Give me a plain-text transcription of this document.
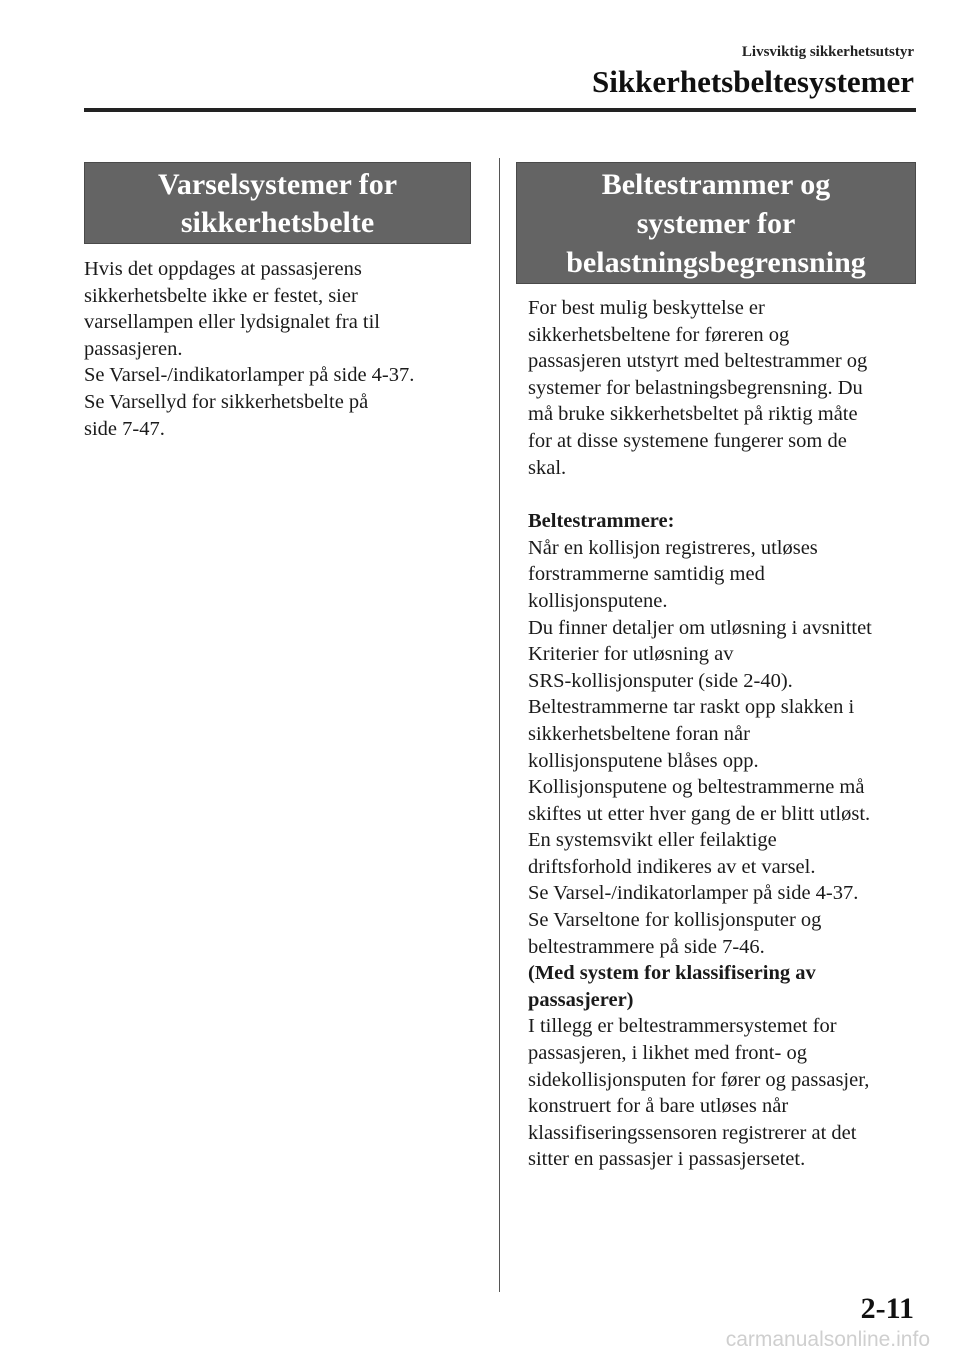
Livsviktig sikkerhetsutstyr
Sikkerhetsbeltesystemer
Varselsystemer for
sikkerhetsbelte

Hvis det oppdages at passasjerens

sikkerhetsbelte ikke er festet, sier

varsellampen eller lydsignalet fra til

passasjeren.

Se Varsel-/indikatorlamper på side 4-37.

Se Varsellyd for sikkerhetsbelte på

side 7-47.

Beltestrammer og
systemer for
belastningsbegrensning

For best mulig beskyttelse er

sikkerhetsbeltene for føreren og

passasjeren utstyrt med beltestrammer og

systemer for belastningsbegrensning. Du

må bruke sikkerhetsbeltet på riktig måte

for at disse systemene fungerer som de

skal.

Beltestrammere:

Når en kollisjon registreres, utløses

forstrammerne samtidig med

kollisjonsputene.

Du finner detaljer om utløsning i avsnittet

Kriterier for utløsning av

SRS-kollisjonsputer (side 2-40).

Beltestrammerne tar raskt opp slakken i

sikkerhetsbeltene foran når

kollisjonsputene blåses opp.

Kollisjonsputene og beltestrammerne må

skiftes ut etter hver gang de er blitt utløst.

En systemsvikt eller feilaktige

driftsforhold indikeres av et varsel.

Se Varsel-/indikatorlamper på side 4-37.

Se Varseltone for kollisjonsputer og

beltestrammere på side 7-46.

(Med system for klassifisering av

passasjerer)

I tillegg er beltestrammersystemet for

passasjeren, i likhet med front- og

sidekollisjonsputen for fører og passasjer,

konstruert for å bare utløses når

klassifiseringssensoren registrerer at det

sitter en passasjer i passasjersetet.

2-11
carmanualsonline.info
